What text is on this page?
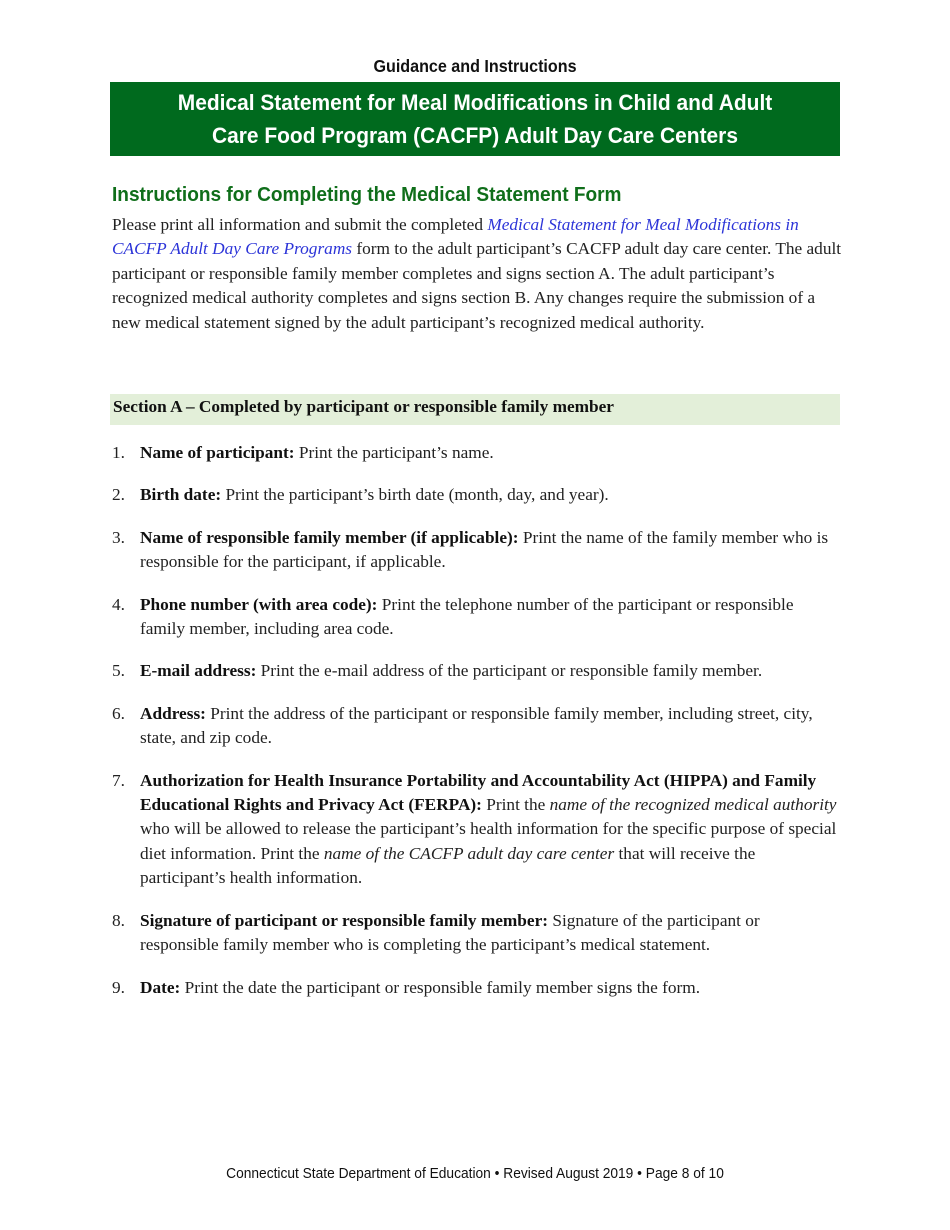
Guidance and Instructions
Medical Statement for Meal Modifications in Child and Adult
Care Food Program (CACFP) Adult Day Care Centers
Instructions for Completing the Medical Statement Form

Please print all information and submit the completed Medical Statement for Meal Modifications in CACFP Adult Day Care Programs form to the adult participant’s CACFP adult day care center. The adult participant or responsible family member completes and signs section A. The adult participant’s recognized medical authority completes and signs section B. Any changes require the submission of a new medical statement signed by the adult participant’s recognized medical authority.

Section A – Completed by participant or responsible family member
1. Name of participant: Print the participant’s name.
2. Birth date: Print the participant’s birth date (month, day, and year).
3. Name of responsible family member (if applicable): Print the name of the family member who is responsible for the participant, if applicable.
4. Phone number (with area code): Print the telephone number of the participant or responsible family member, including area code.
5. E-mail address: Print the e-mail address of the participant or responsible family member.
6. Address: Print the address of the participant or responsible family member, including street, city, state, and zip code.
7. Authorization for Health Insurance Portability and Accountability Act (HIPPA) and Family Educational Rights and Privacy Act (FERPA): Print the name of the recognized medical authority who will be allowed to release the participant’s health information for the specific purpose of special diet information. Print the name of the CACFP adult day care center that will receive the participant’s health information.
8. Signature of participant or responsible family member: Signature of the participant or responsible family member who is completing the participant’s medical statement.
9. Date: Print the date the participant or responsible family member signs the form.
Connecticut State Department of Education • Revised August 2019 • Page 8 of 10
